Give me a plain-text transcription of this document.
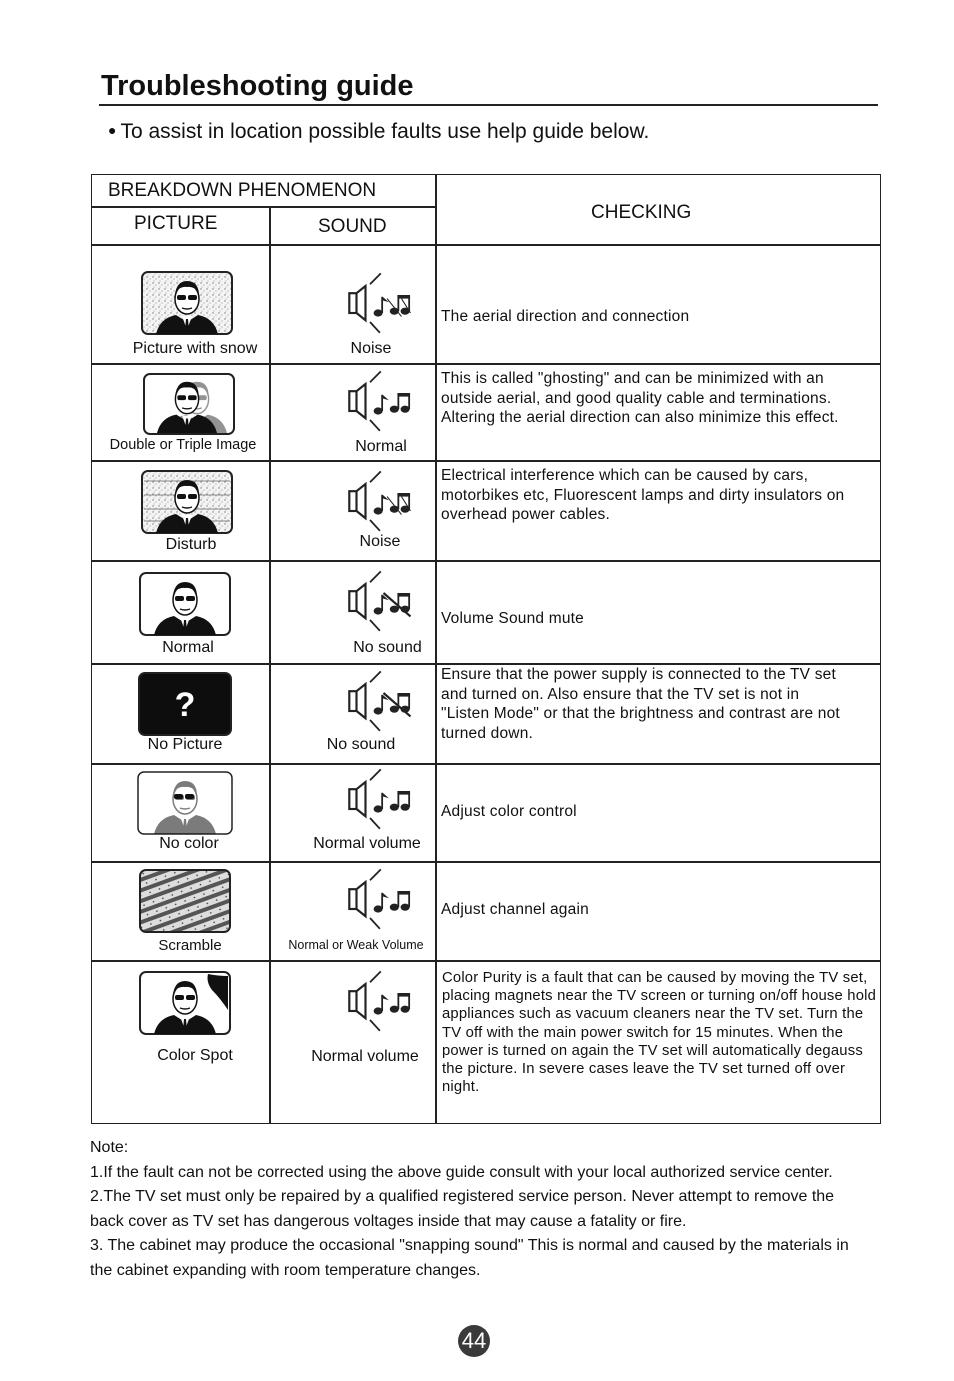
Troubleshooting guide
● To assist in location possible faults use help guide below.
BREAKDOWN PHENOMENON
PICTURE	SOUND
CHECKING
Picture with snow	Noise
The aerial direction and connection
Double or Triple Image	Normal
This is called "ghosting" and can be minimized with an outside aerial, and good quality cable and terminations. Altering the aerial direction can also minimize this effect.
Disturb	Noise
Electrical interference which can be caused by cars, motorbikes etc, Fluorescent lamps and dirty insulators on overhead power cables.
Normal	No sound
Volume Sound mute
?
No Picture	No sound
Ensure that the power supply is connected to the TV set and turned on. Also ensure that the TV set is not in "Listen Mode" or that the brightness and contrast are not turned down.
No color	Normal volume
Adjust color control
Scramble	Normal or Weak Volume
Adjust channel again
Color Spot	Normal volume
Color Purity is a fault that can be caused by moving the TV set, placing magnets near the TV screen or turning on/off house hold appliances such as vacuum cleaners near the TV set. Turn the TV off with the main power switch for 15 minutes. When the power is turned on again the TV set will automatically degauss the picture. In severe cases leave the TV set turned off over night.
Note:
1.If the fault can not be corrected using the above guide consult with your local authorized service center.
2.The TV set must only be repaired by a qualified registered service person. Never attempt to remove the back cover as TV set has dangerous voltages inside that may cause a fatality or fire.
3. The cabinet may produce the occasional "snapping sound" This is normal and caused by the materials in the cabinet expanding with room temperature changes.
44
